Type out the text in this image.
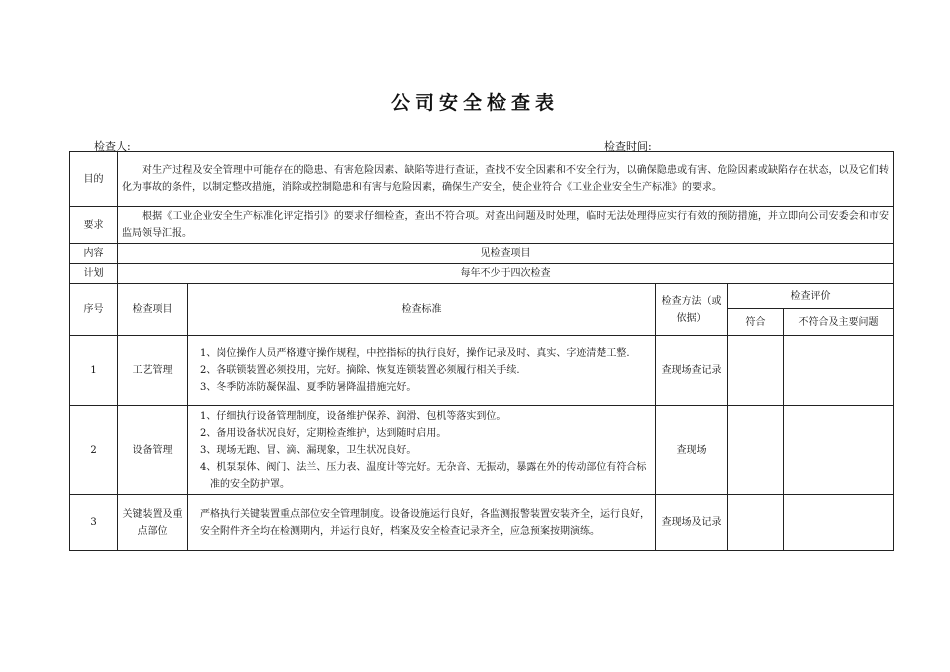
公司安全检查表
检查人:	检查时间:
目的	对生产过程及安全管理中可能存在的隐患、有害危险因素、缺陷等进行查证，查找不安全因素和不安全行为，以确保隐患或有害、危险因素或缺陷存在状态，以及它们转化为事故的条件，以制定整改措施，消除或控制隐患和有害与危险因素，确保生产安全，使企业符合《工业企业安全生产标准》的要求。				
要求	根据《工业企业安全生产标准化评定指引》的要求仔细检查，查出不符合项。对查出问题及时处理，临时无法处理得应实行有效的预防措施，并立即向公司安委会和市安监局领导汇报。				
内容	见检查项目				
计划	每年不少于四次检查				
序号	检查项目	检查标准	检查方法（或依据）	检查评价	
				符合	不符合及主要问题
1	工艺管理	1、岗位操作人员严格遵守操作规程，中控指标的执行良好，操作记录及时、真实、字迹清楚工整.
2、各联锁装置必须投用，完好。摘除、恢复连锁装置必须履行相关手续.
3、冬季防冻防凝保温、夏季防暑降温措施完好。	查现场查记录		
2	设备管理	1、仔细执行设备管理制度，设备维护保养、润滑、包机等落实到位。
2、备用设备状况良好，定期检查维护，达到随时启用。
3、现场无跑、冒、滴、漏现象，卫生状况良好。
4、机泵泵体、阀门、法兰、压力表、温度计等完好。无杂音、无振动，暴露在外的传动部位有符合标准的安全防护罩。	查现场		
3	关键装置及重点部位	严格执行关键装置重点部位安全管理制度。设备设施运行良好，各监测报警装置安装齐全，运行良好，安全附件齐全均在检测期内，并运行良好，档案及安全检查记录齐全，应急预案按期演练。	查现场及记录		
